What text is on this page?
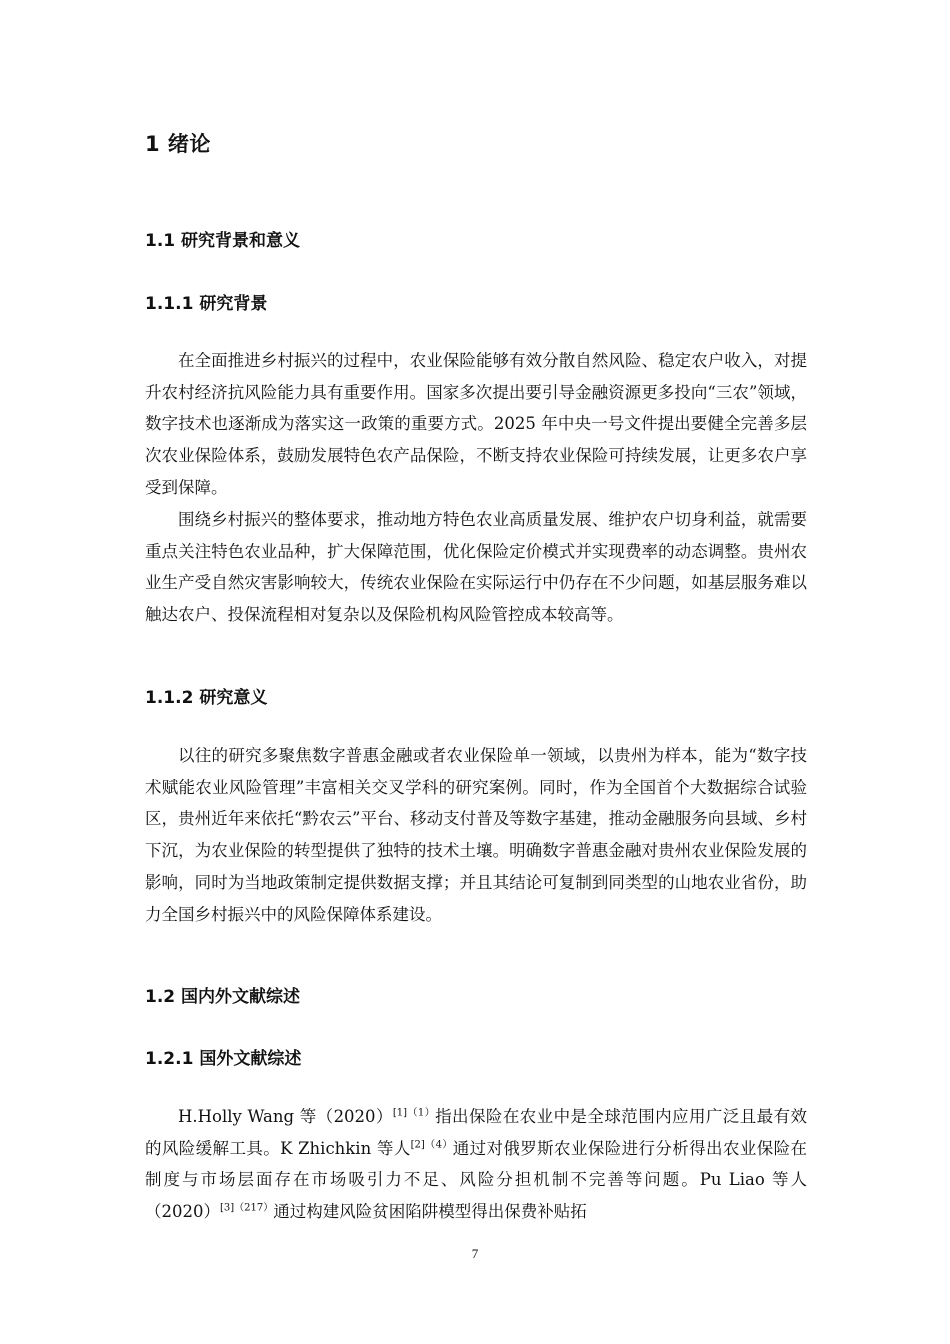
1 绪论
1.1 研究背景和意义
1.1.1 研究背景

在全面推进乡村振兴的过程中，农业保险能够有效分散自然风险、稳定农户收入，对提升农村经济抗风险能力具有重要作用。国家多次提出要引导金融资源更多投向“三农”领域，数字技术也逐渐成为落实这一政策的重要方式。2025 年中央一号文件提出要健全完善多层次农业保险体系，鼓励发展特色农产品保险，不断支持农业保险可持续发展，让更多农户享受到保障。

围绕乡村振兴的整体要求，推动地方特色农业高质量发展、维护农户切身利益，就需要重点关注特色农业品种，扩大保障范围，优化保险定价模式并实现费率的动态调整。贵州农业生产受自然灾害影响较大，传统农业保险在实际运行中仍存在不少问题，如基层服务难以触达农户、投保流程相对复杂以及保险机构风险管控成本较高等。

1.1.2 研究意义

以往的研究多聚焦数字普惠金融或者农业保险单一领域，以贵州为样本，能为“数字技术赋能农业风险管理”丰富相关交叉学科的研究案例。同时，作为全国首个大数据综合试验区，贵州近年来依托“黔农云”平台、移动支付普及等数字基建，推动金融服务向县域、乡村下沉，为农业保险的转型提供了独特的技术土壤。明确数字普惠金融对贵州农业保险发展的影响，同时为当地政策制定提供数据支撑；并且其结论可复制到同类型的山地农业省份，助力全国乡村振兴中的风险保障体系建设。

1.2 国内外文献综述
1.2.1 国外文献综述

H.Holly Wang 等$(2020)^{[1](1)}$指出保险在农业中是全球范围内应用广泛且最有效的风险缓解工具。K Zhichkin 等人$^{[2](4)}$通过对俄罗斯农业保险进行分析得出农业保险在制度与市场层面存在市场吸引力不足、风险分担机制不完善等问题。Pu Liao 等人$(2020)^{[3](217)}$通过构建风险贫困陷阱模型得出保费补贴拓

7
